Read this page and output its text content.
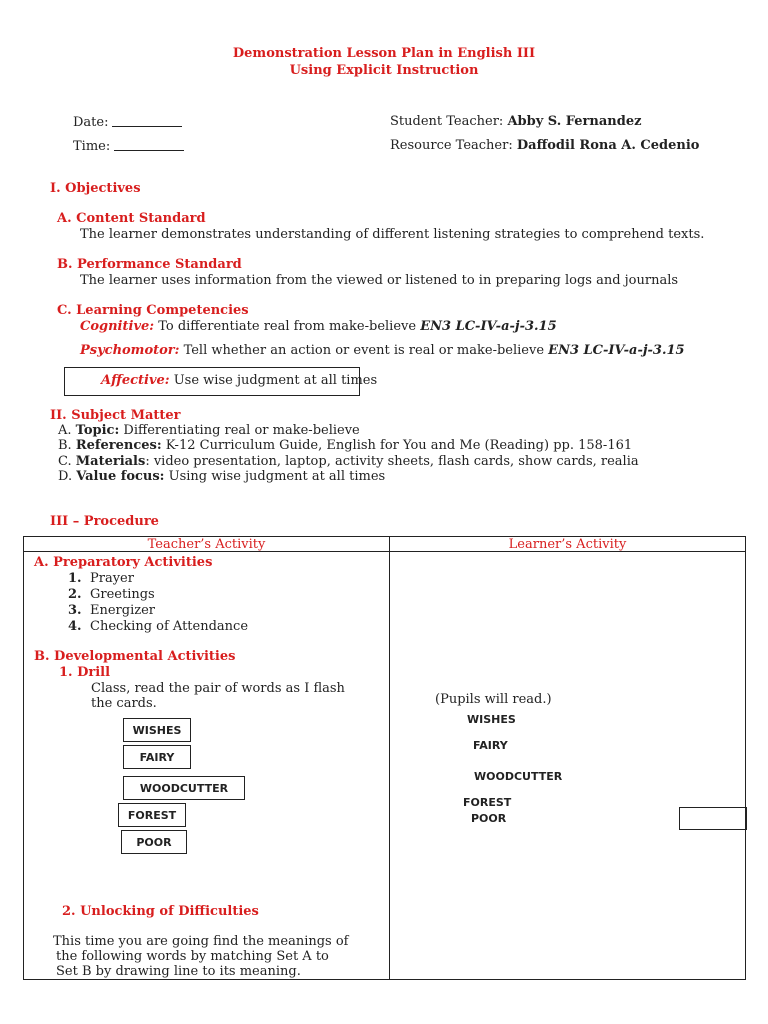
Demonstration Lesson Plan in English III
Using Explicit Instruction
Date:
Time:
Student Teacher: Abby S. Fernandez
Resource Teacher: Daffodil Rona A. Cedenio
I. Objectives
A. Content Standard
The learner demonstrates understanding of different listening strategies to comprehend texts.
B. Performance Standard
The learner uses information from the viewed or listened to in preparing logs and journals
C. Learning Competencies
Cognitive: To differentiate real from make-believe EN3 LC-IV-a-j-3.15
Psychomotor: Tell whether an action or event is real or make-believe EN3 LC-IV-a-j-3.15
Affective: Use wise judgment at all times
II. Subject Matter
A. Topic: Differentiating real or make-believe
B. References: K-12 Curriculum Guide, English for You and Me (Reading) pp. 158-161
C. Materials: video presentation, laptop, activity sheets, flash cards, show cards, realia
D. Value focus: Using wise judgment at all times
III – Procedure
Teacher’s Activity	Learner’s Activity
A. Preparatory Activities
1. Prayer
2. Greetings
3. Energizer
4. Checking of Attendance
B. Developmental Activities
1. Drill
Class, read the pair of words as I flash
the cards.
WISHES
FAIRY
WOODCUTTER
FOREST
POOR
2. Unlocking of Difficulties
This time you are going find the meanings of
the following words by matching Set A to
Set B by drawing line to its meaning.
(Pupils will read.)
WISHES
FAIRY
WOODCUTTER
FOREST
POOR
